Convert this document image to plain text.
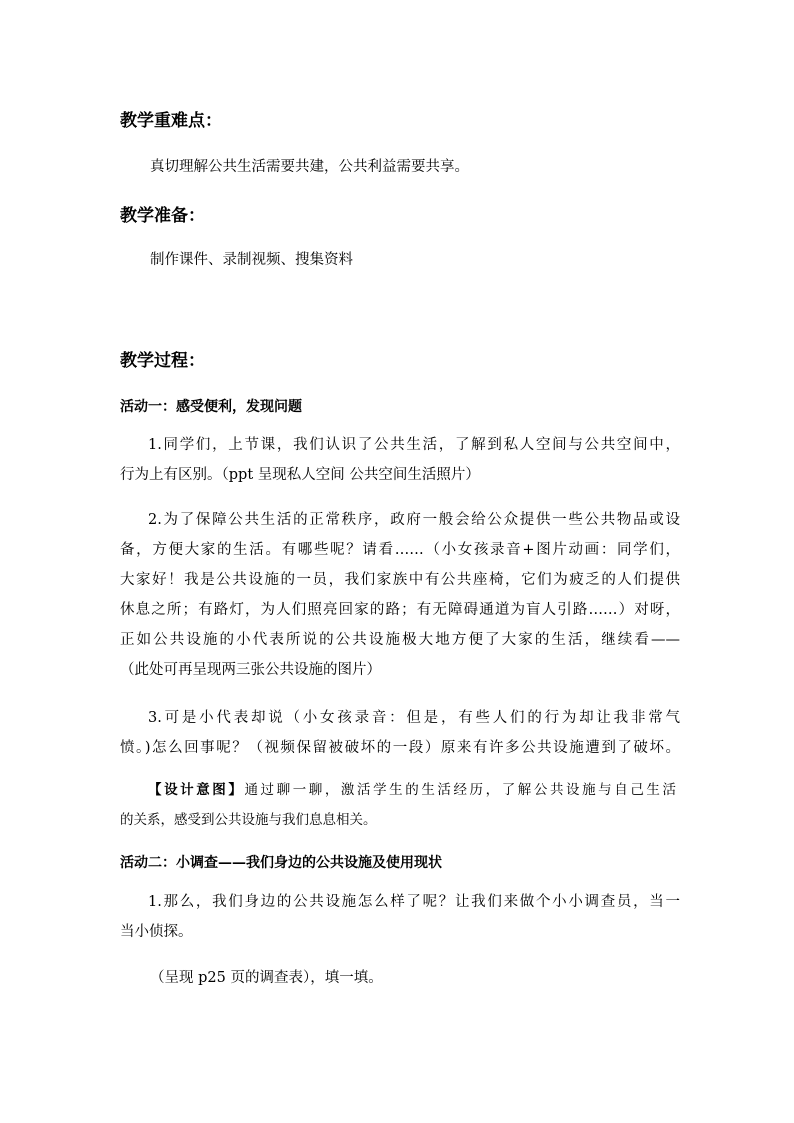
教学重难点：
真切理解公共生活需要共建，公共利益需要共享。
教学准备：
制作课件、录制视频、搜集资料
教学过程：
活动一：感受便利，发现问题
1.同学们，上节课，我们认识了公共生活，了解到私人空间与公共空间中，
行为上有区别。（ppt 呈现私人空间 公共空间生活照片）
2.为了保障公共生活的正常秩序，政府一般会给公众提供一些公共物品或设
备，方便大家的生活。有哪些呢？请看……（小女孩录音+图片动画：同学们，
大家好！我是公共设施的一员，我们家族中有公共座椅，它们为疲乏的人们提供
休息之所；有路灯，为人们照亮回家的路；有无障碍通道为盲人引路……）对呀，
正如公共设施的小代表所说的公共设施极大地方便了大家的生活，继续看——
（此处可再呈现两三张公共设施的图片）
3.可是小代表却说（小女孩录音：但是，有些人们的行为却让我非常气
愤。)怎么回事呢？（视频保留被破坏的一段）原来有许多公共设施遭到了破坏。
【设计意图】通过聊一聊，激活学生的生活经历，了解公共设施与自己生活
的关系，感受到公共设施与我们息息相关。
活动二：小调查——我们身边的公共设施及使用现状
1.那么，我们身边的公共设施怎么样了呢？让我们来做个小小调查员，当一
当小侦探。
（呈现 p25 页的调查表），填一填。
